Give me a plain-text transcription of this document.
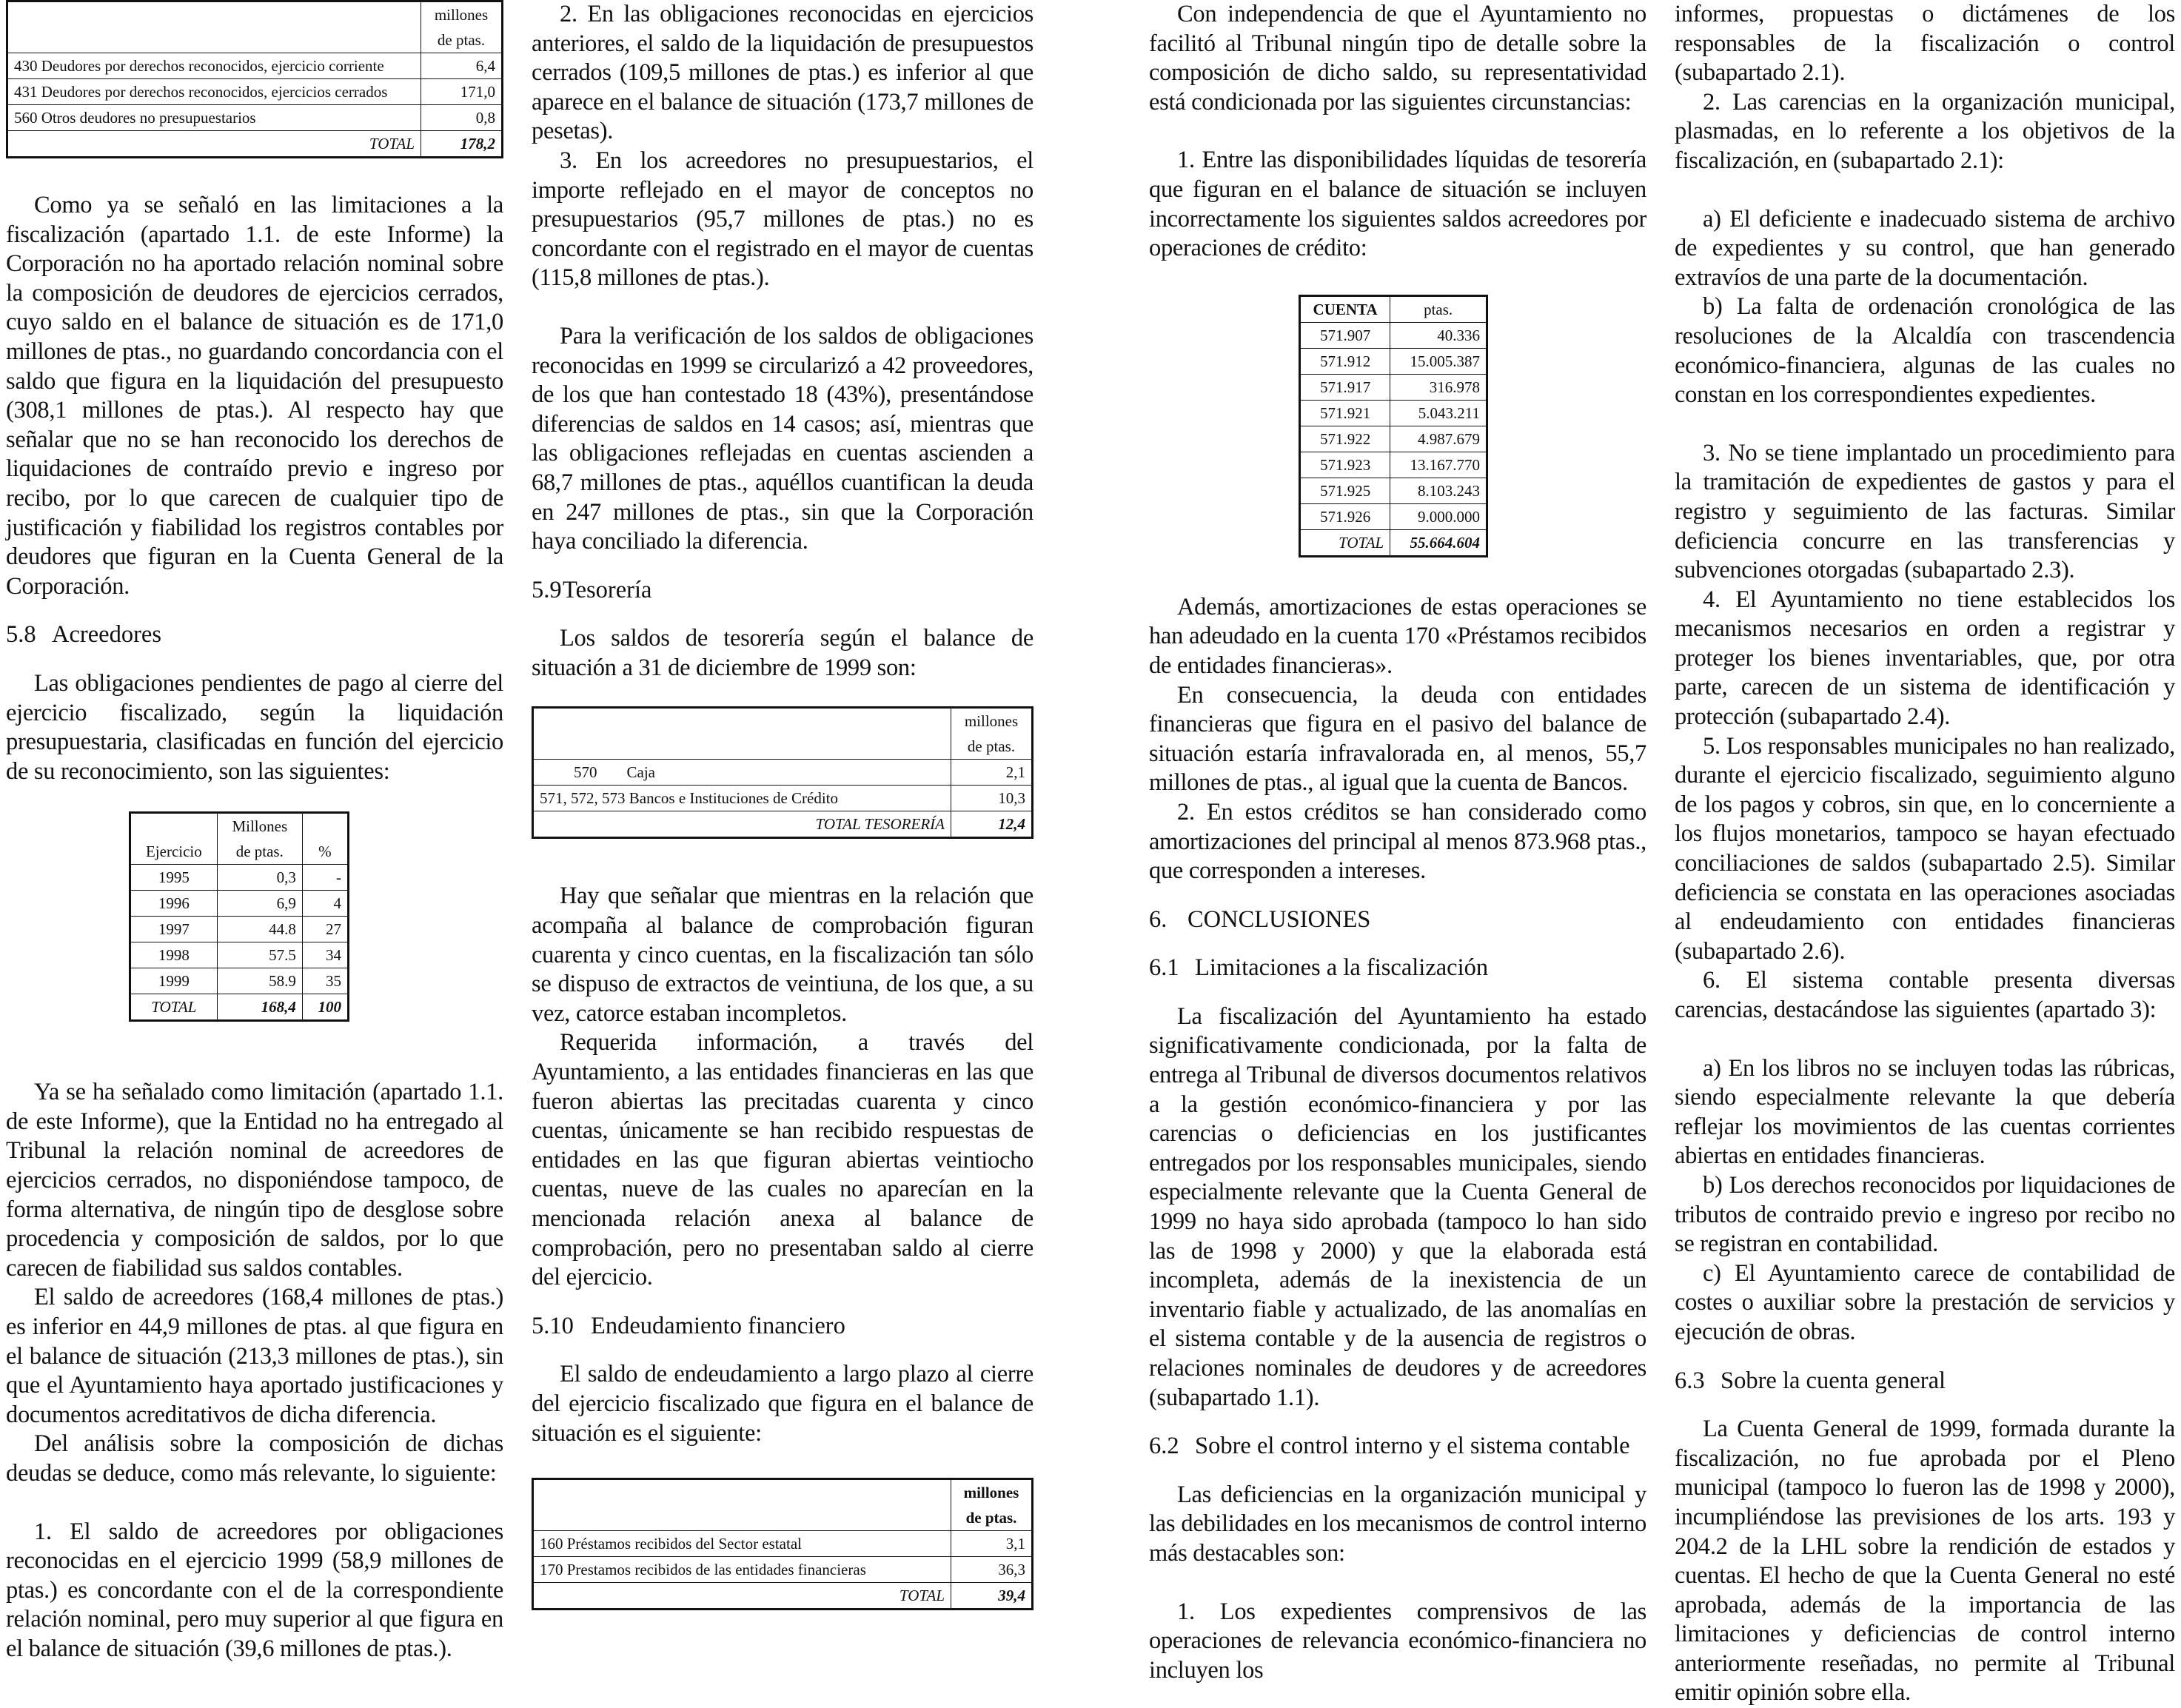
	millones
	de ptas.
430 Deudores por derechos reconocidos, ejercicio corriente	6,4
431 Deudores por derechos reconocidos, ejercicios cerrados	171,0
560 Otros deudores no presupuestarios	0,8
TOTAL	178,2

Como ya se señaló en las limitaciones a la fiscalización (apartado 1.1. de este Informe) la Corporación no ha aportado relación nominal sobre la composición de deudores de ejercicios cerrados, cuyo saldo en el balance de situación es de 171,0 millones de ptas., no guardando concordancia con el saldo que figura en la liquidación del presupuesto (308,1 millones de ptas.). Al respecto hay que señalar que no se han reconocido los derechos de liquidaciones de contraído previo e ingreso por recibo, por lo que carecen de cualquier tipo de justificación y fiabilidad los registros contables por deudores que figuran en la Cuenta General de la Corporación.

5.8 Acreedores

Las obligaciones pendientes de pago al cierre del ejercicio fiscalizado, según la liquidación presupuestaria, clasificadas en función del ejercicio de su reconocimiento, son las siguientes:

	Millones	
Ejercicio	de ptas.	%
1995	0,3	-
1996	6,9	4
1997	44.8	27
1998	57.5	34
1999	58.9	35
TOTAL	168,4	100

Ya se ha señalado como limitación (apartado 1.1. de este Informe), que la Entidad no ha entregado al Tribunal la relación nominal de acreedores de ejercicios cerrados, no disponiéndose tampoco, de forma alternativa, de ningún tipo de desglose sobre procedencia y composición de saldos, por lo que carecen de fiabilidad sus saldos contables.

El saldo de acreedores (168,4 millones de ptas.) es inferior en 44,9 millones de ptas. al que figura en el balance de situación (213,3 millones de ptas.), sin que el Ayuntamiento haya aportado justificaciones y documentos acreditativos de dicha diferencia.

Del análisis sobre la composición de dichas deudas se deduce, como más relevante, lo siguiente:

1. El saldo de acreedores por obligaciones reconocidas en el ejercicio 1999 (58,9 millones de ptas.) es concordante con el de la correspondiente relación nominal, pero muy superior al que figura en el balance de situación (39,6 millones de ptas.).

2. En las obligaciones reconocidas en ejercicios anteriores, el saldo de la liquidación de presupuestos cerrados (109,5 millones de ptas.) es inferior al que aparece en el balance de situación (173,7 millones de pesetas).

3. En los acreedores no presupuestarios, el importe reflejado en el mayor de conceptos no presupuestarios (95,7 millones de ptas.) no es concordante con el registrado en el mayor de cuentas (115,8 millones de ptas.).

Para la verificación de los saldos de obligaciones reconocidas en 1999 se circularizó a 42 proveedores, de los que han contestado 18 (43%), presentándose diferencias de saldos en 14 casos; así, mientras que las obligaciones reflejadas en cuentas ascienden a 68,7 millones de ptas., aquéllos cuantifican la deuda en 247 millones de ptas., sin que la Corporación haya conciliado la diferencia.

5.9Tesorería

Los saldos de tesorería según el balance de situación a 31 de diciembre de 1999 son:

	millones
	de ptas.
570 Caja	2,1
571, 572, 573 Bancos e Instituciones de Crédito	10,3
TOTAL TESORERÍA	12,4

Hay que señalar que mientras en la relación que acompaña al balance de comprobación figuran cuarenta y cinco cuentas, en la fiscalización tan sólo se dispuso de extractos de veintiuna, de los que, a su vez, catorce estaban incompletos.

Requerida información, a través del Ayuntamiento, a las entidades financieras en las que fueron abiertas las precitadas cuarenta y cinco cuentas, únicamente se han recibido respuestas de entidades en las que figuran abiertas veintiocho cuentas, nueve de las cuales no aparecían en la mencionada relación anexa al balance de comprobación, pero no presentaban saldo al cierre del ejercicio.

5.10 Endeudamiento financiero

El saldo de endeudamiento a largo plazo al cierre del ejercicio fiscalizado que figura en el balance de situación es el siguiente:

	millones
	de ptas.
160 Préstamos recibidos del Sector estatal	3,1
170 Prestamos recibidos de las entidades financieras	36,3
TOTAL	39,4

Con independencia de que el Ayuntamiento no facilitó al Tribunal ningún tipo de detalle sobre la composición de dicho saldo, su representatividad está condicionada por las siguientes circunstancias:

1. Entre las disponibilidades líquidas de tesorería que figuran en el balance de situación se incluyen incorrectamente los siguientes saldos acreedores por operaciones de crédito:

CUENTA	ptas.
571.907	40.336
571.912	15.005.387
571.917	316.978
571.921	5.043.211
571.922	4.987.679
571.923	13.167.770
571.925	8.103.243
571.926	9.000.000
TOTAL	55.664.604

Además, amortizaciones de estas operaciones se han adeudado en la cuenta 170 «Préstamos recibidos de entidades financieras».

En consecuencia, la deuda con entidades financieras que figura en el pasivo del balance de situación estaría infravalorada en, al menos, 55,7 millones de ptas., al igual que la cuenta de Bancos.

2. En estos créditos se han considerado como amortizaciones del principal al menos 873.968 ptas., que corresponden a intereses.

6. CONCLUSIONES

6.1 Limitaciones a la fiscalización

La fiscalización del Ayuntamiento ha estado significativamente condicionada, por la falta de entrega al Tribunal de diversos documentos relativos a la gestión económico-financiera y por las carencias o deficiencias en los justificantes entregados por los responsables municipales, siendo especialmente relevante que la Cuenta General de 1999 no haya sido aprobada (tampoco lo han sido las de 1998 y 2000) y que la elaborada está incompleta, además de la inexistencia de un inventario fiable y actualizado, de las anomalías en el sistema contable y de la ausencia de registros o relaciones nominales de deudores y de acreedores (subapartado 1.1).

6.2 Sobre el control interno y el sistema contable

Las deficiencias en la organización municipal y las debilidades en los mecanismos de control interno más destacables son:

1. Los expedientes comprensivos de las operaciones de relevancia económico-financiera no incluyen los

informes, propuestas o dictámenes de los responsables de la fiscalización o control (subapartado 2.1).

2. Las carencias en la organización municipal, plasmadas, en lo referente a los objetivos de la fiscalización, en (subapartado 2.1):

a) El deficiente e inadecuado sistema de archivo de expedientes y su control, que han generado extravíos de una parte de la documentación.

b) La falta de ordenación cronológica de las resoluciones de la Alcaldía con trascendencia económico-financiera, algunas de las cuales no constan en los correspondientes expedientes.

3. No se tiene implantado un procedimiento para la tramitación de expedientes de gastos y para el registro y seguimiento de las facturas. Similar deficiencia concurre en las transferencias y subvenciones otorgadas (subapartado 2.3).

4. El Ayuntamiento no tiene establecidos los mecanismos necesarios en orden a registrar y proteger los bienes inventariables, que, por otra parte, carecen de un sistema de identificación y protección (subapartado 2.4).

5. Los responsables municipales no han realizado, durante el ejercicio fiscalizado, seguimiento alguno de los pagos y cobros, sin que, en lo concerniente a los flujos monetarios, tampoco se hayan efectuado conciliaciones de saldos (subapartado 2.5). Similar deficiencia se constata en las operaciones asociadas al endeudamiento con entidades financieras (subapartado 2.6).

6. El sistema contable presenta diversas carencias, destacándose las siguientes (apartado 3):

a) En los libros no se incluyen todas las rúbricas, siendo especialmente relevante la que debería reflejar los movimientos de las cuentas corrientes abiertas en entidades financieras.

b) Los derechos reconocidos por liquidaciones de tributos de contraido previo e ingreso por recibo no se registran en contabilidad.

c) El Ayuntamiento carece de contabilidad de costes o auxiliar sobre la prestación de servicios y ejecución de obras.

6.3 Sobre la cuenta general

La Cuenta General de 1999, formada durante la fiscalización, no fue aprobada por el Pleno municipal (tampoco lo fueron las de 1998 y 2000), incumpliéndose las previsiones de los arts. 193 y 204.2 de la LHL sobre la rendición de estados y cuentas. El hecho de que la Cuenta General no esté aprobada, además de la importancia de las limitaciones y deficiencias de control interno anteriormente reseñadas, no permite al Tribunal emitir opinión sobre ella.
